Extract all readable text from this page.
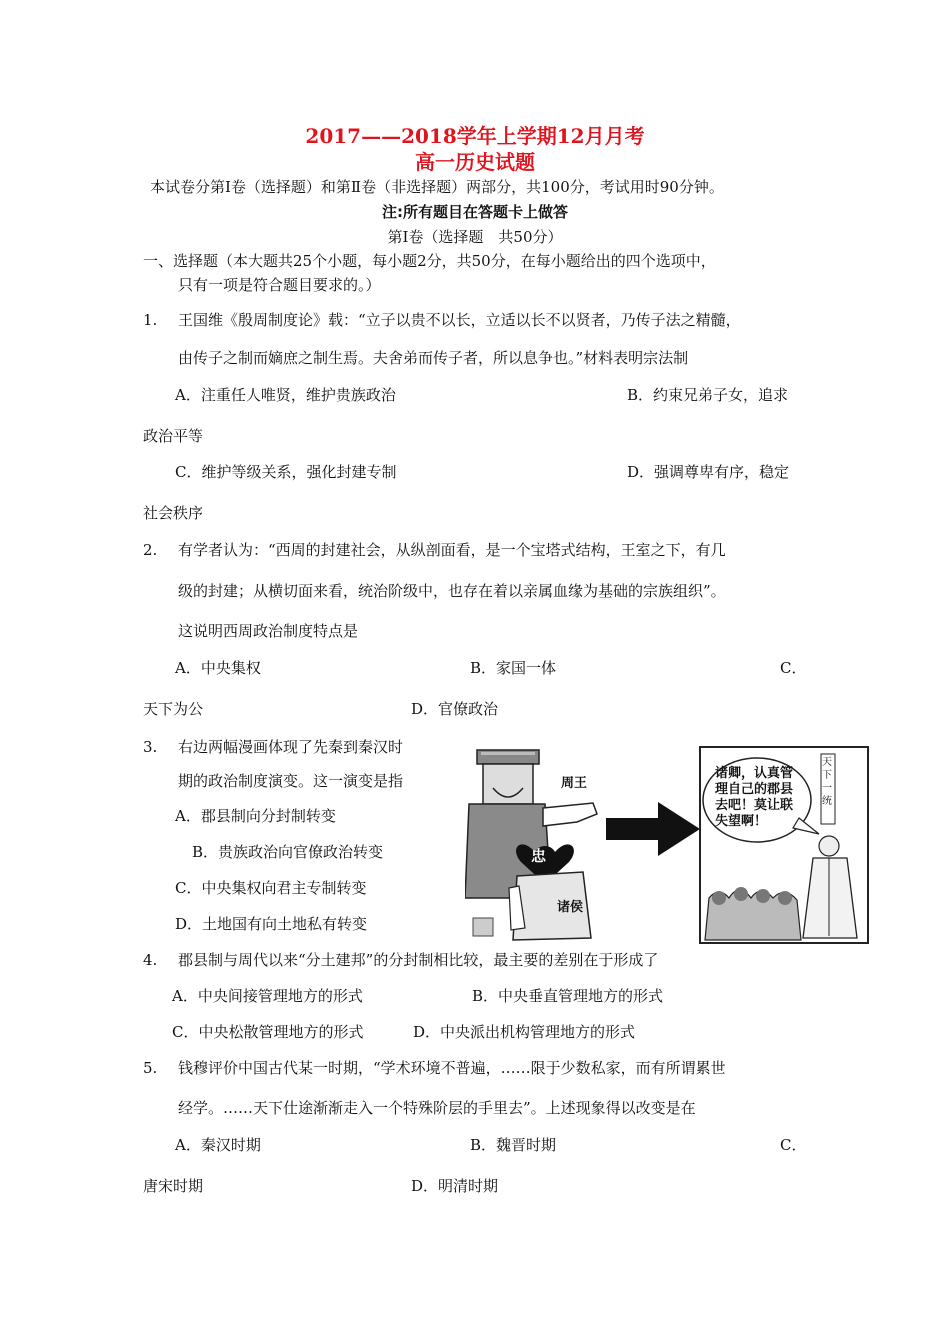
2017——2018学年上学期12月月考
高一历史试题
本试卷分第Ⅰ卷（选择题）和第Ⅱ卷（非选择题）两部分，共100分，考试用时90分钟。
注:所有题目在答题卡上做答
第Ⅰ卷（选择题　共50分）
一、选择题（本大题共25个小题，每小题2分，共50分，在每小题给出的四个选项中，
只有一项是符合题目要求的。）
1. 王国维《殷周制度论》载：“立子以贵不以长，立适以长不以贤者，乃传子法之精髓，
由传子之制而嫡庶之制生焉。夫舍弟而传子者，所以息争也。”材料表明宗法制
A．注重任人唯贤，维护贵族政治	B．约束兄弟子女，追求
政治平等
C．维护等级关系，强化封建专制	D．强调尊卑有序，稳定
社会秩序
2. 有学者认为：“西周的封建社会，从纵剖面看，是一个宝塔式结构，王室之下，有几
级的封建；从横切面来看，统治阶级中，也存在着以亲属血缘为基础的宗族组织”。
这说明西周政治制度特点是
A．中央集权	B．家国一体	C．
天下为公	D．官僚政治
3. 右边两幅漫画体现了先秦到秦汉时
期的政治制度演变。这一演变是指
A．郡县制向分封制转变
B．贵族政治向官僚政治转变
C．中央集权向君主专制转变
D．土地国有向土地私有转变
周王
忠
诸侯
诸卿，认真管
理自己的郡县
去吧！莫让联
失望啊！
天下一统
4. 郡县制与周代以来“分土建邦”的分封制相比较，最主要的差别在于形成了
A．中央间接管理地方的形式	B．中央垂直管理地方的形式
C．中央松散管理地方的形式	D．中央派出机构管理地方的形式
5. 钱穆评价中国古代某一时期，“学术环境不普遍，……限于少数私家，而有所谓累世
经学。……天下仕途渐渐走入一个特殊阶层的手里去”。上述现象得以改变是在
A．秦汉时期	B．魏晋时期	C．
唐宋时期	D．明清时期
